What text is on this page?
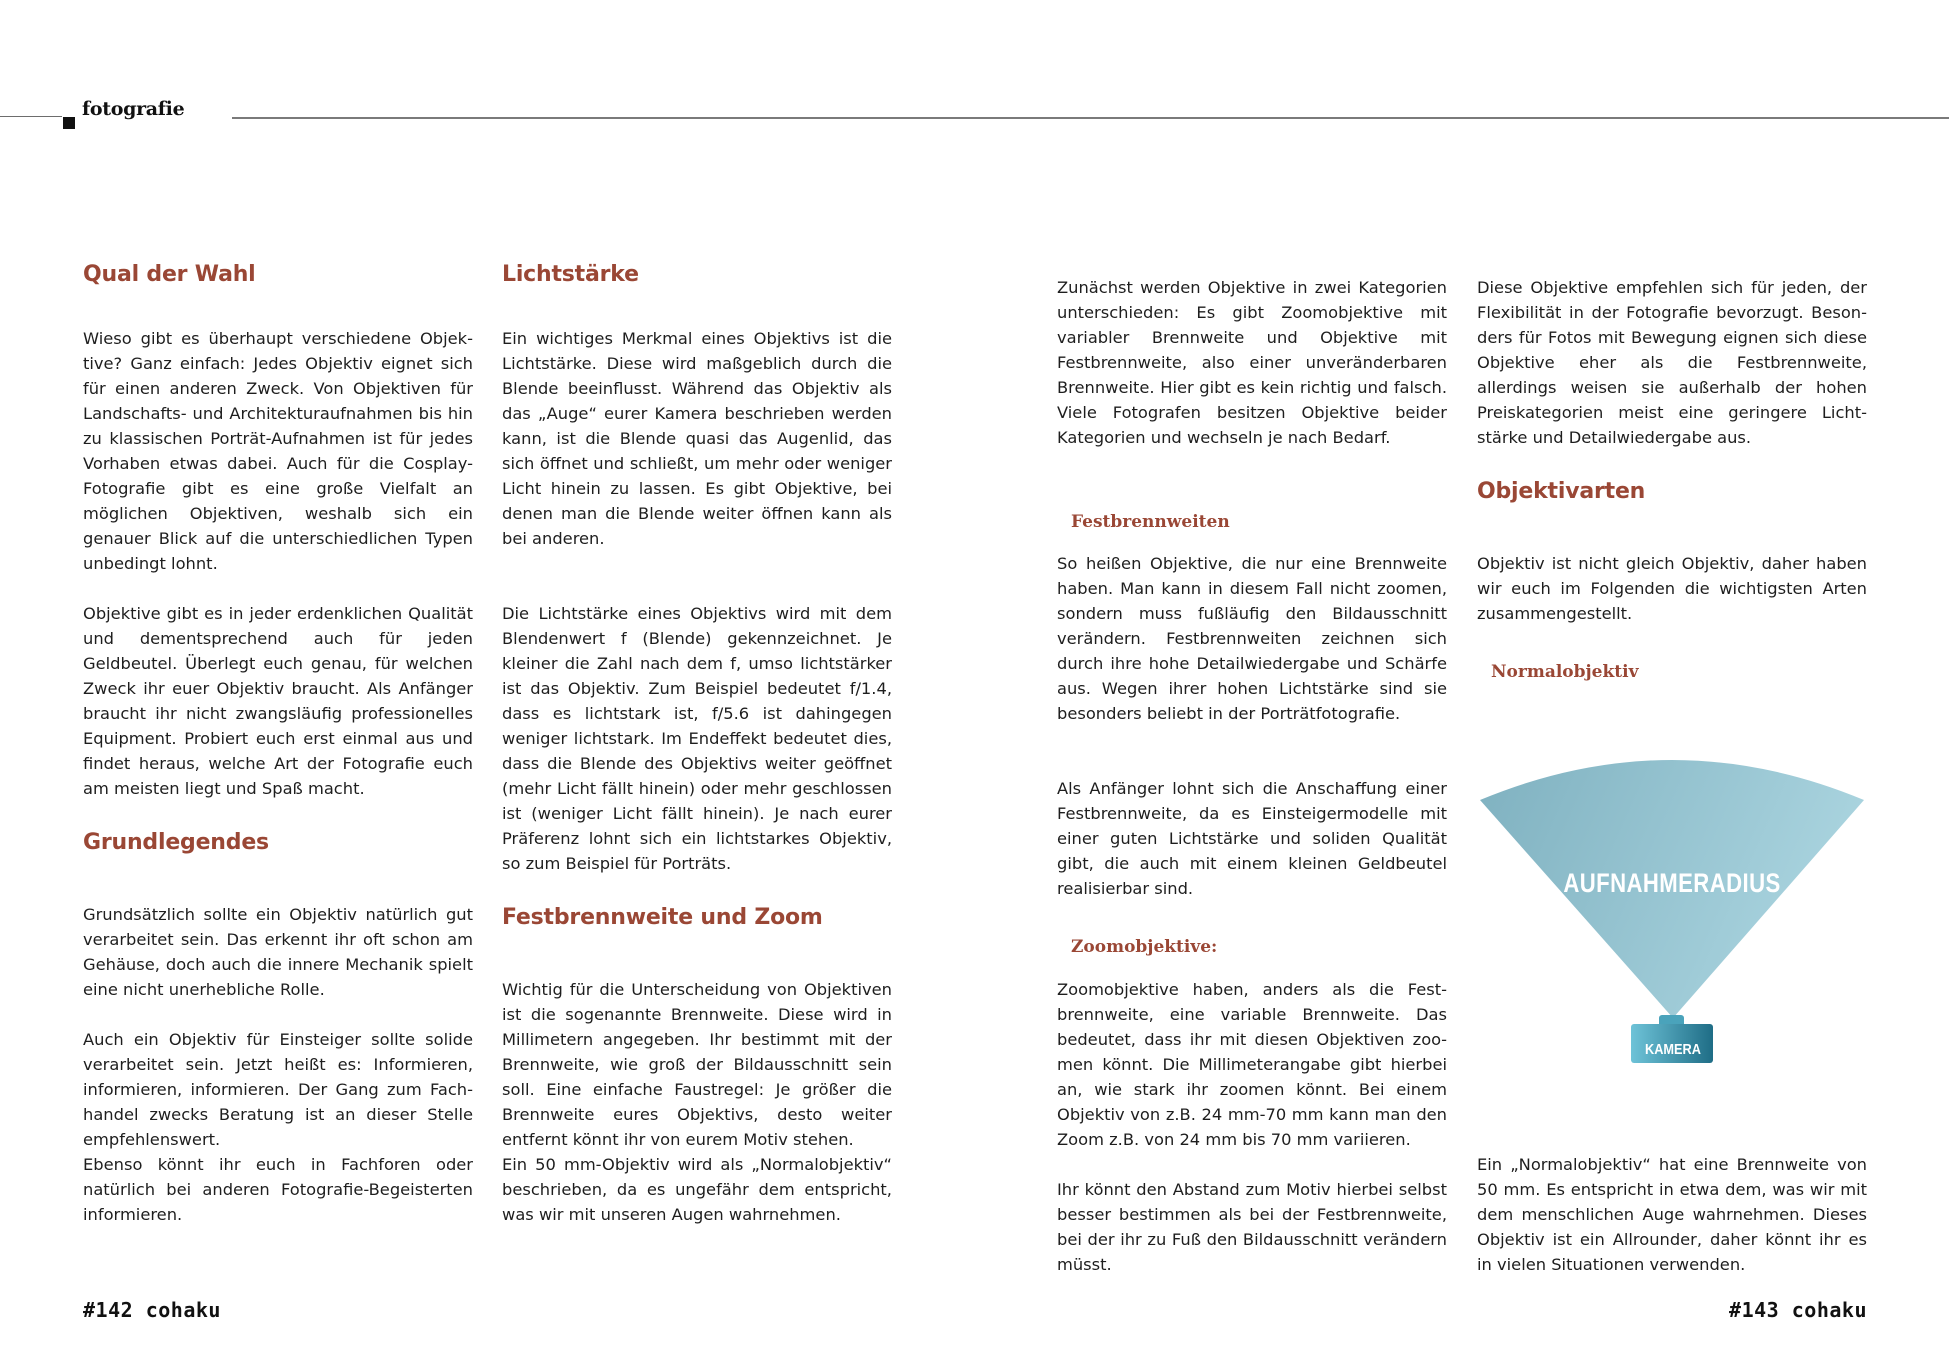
fotografie
Qual der Wahl
Wieso gibt es überhaupt verschiedene Objektive? Ganz einfach: Jedes Objektiv eignet sich für einen anderen Zweck. Von Objektiven für Landschafts- und Architekturaufnahmen bis hin zu klassischen Porträt-Aufnahmen ist für jedes Vorhaben etwas dabei. Auch für die Cosplay-Fotografie gibt es eine große Vielfalt an möglichen Objektiven, weshalb sich ein genauer Blick auf die unterschiedlichen Typen unbedingt lohnt.
Objektive gibt es in jeder erdenklichen Qualität und dementsprechend auch für jeden Geldbeutel. Überlegt euch genau, für welchen Zweck ihr euer Objektiv braucht. Als Anfänger braucht ihr nicht zwangsläufig professionelles Equipment. Probiert euch erst einmal aus und findet heraus, welche Art der Fotografie euch am meisten liegt und Spaß macht.
Grundlegendes
Grundsätzlich sollte ein Objektiv natürlich gut verarbeitet sein. Das erkennt ihr oft schon am Gehäuse, doch auch die innere Mechanik spielt eine nicht unerhebliche Rolle.
Auch ein Objektiv für Einsteiger sollte solide verarbeitet sein. Jetzt heißt es: Informieren, informieren, informieren. Der Gang zum Fachhandel zwecks Beratung ist an dieser Stelle empfehlenswert.
Ebenso könnt ihr euch in Fachforen oder natürlich bei anderen Fotografie-Begeisterten informieren.
Lichtstärke
Ein wichtiges Merkmal eines Objektivs ist die Lichtstärke. Diese wird maßgeblich durch die Blende beeinflusst. Während das Objektiv als das „Auge“ eurer Kamera beschrieben werden kann, ist die Blende quasi das Augenlid, das sich öffnet und schließt, um mehr oder weniger Licht hinein zu lassen. Es gibt Objektive, bei denen man die Blende weiter öffnen kann als bei anderen.
Die Lichtstärke eines Objektivs wird mit dem Blendenwert f (Blende) gekennzeichnet. Je kleiner die Zahl nach dem f, umso lichtstärker ist das Objektiv. Zum Beispiel bedeutet f/1.4, dass es lichtstark ist, f/5.6 ist dahingegen weniger lichtstark. Im Endeffekt bedeutet dies, dass die Blende des Objektivs weiter geöffnet (mehr Licht fällt hinein) oder mehr geschlossen ist (weniger Licht fällt hinein). Je nach eurer Präferenz lohnt sich ein lichtstarkes Objektiv, so zum Beispiel für Porträts.
Festbrennweite und Zoom
Wichtig für die Unterscheidung von Objektiven ist die sogenannte Brennweite. Diese wird in Millimetern angegeben. Ihr bestimmt mit der Brennweite, wie groß der Bildausschnitt sein soll. Eine einfache Faustregel: Je größer die Brennweite eures Objektivs, desto weiter entfernt könnt ihr von eurem Motiv stehen.
Ein 50 mm-Objektiv wird als „Normalobjektiv“ beschrieben, da es ungefähr dem entspricht, was wir mit unseren Augen wahrnehmen.
Zunächst werden Objektive in zwei Kategorien unterschieden: Es gibt Zoomobjektive mit variabler Brennweite und Objektive mit Festbrennweite, also einer unveränderbaren Brennweite. Hier gibt es kein richtig und falsch. Viele Fotografen besitzen Objektive beider Kategorien und wechseln je nach Bedarf.
Festbrennweiten
So heißen Objektive, die nur eine Brennweite haben. Man kann in diesem Fall nicht zoomen, sondern muss fußläufig den Bildausschnitt verändern. Festbrennweiten zeichnen sich durch ihre hohe Detailwiedergabe und Schärfe aus. Wegen ihrer hohen Lichtstärke sind sie besonders beliebt in der Porträtfotografie.
Als Anfänger lohnt sich die Anschaffung einer Festbrennweite, da es Einsteigermodelle mit einer guten Lichtstärke und soliden Qualität gibt, die auch mit einem kleinen Geldbeutel realisierbar sind.
Zoomobjektive:
Zoomobjektive haben, anders als die Festbrennweite, eine variable Brennweite. Das bedeutet, dass ihr mit diesen Objektiven zoomen könnt. Die Millimeterangabe gibt hierbei an, wie stark ihr zoomen könnt. Bei einem Objektiv von z.B. 24 mm-70 mm kann man den Zoom z.B. von 24 mm bis 70 mm variieren.
Ihr könnt den Abstand zum Motiv hierbei selbst besser bestimmen als bei der Festbrennweite, bei der ihr zu Fuß den Bildausschnitt verändern müsst.
Diese Objektive empfehlen sich für jeden, der Flexibilität in der Fotografie bevorzugt. Besonders für Fotos mit Bewegung eignen sich diese Objektive eher als die Festbrennweite, allerdings weisen sie außerhalb der hohen Preiskategorien meist eine geringere Lichtstärke und Detailwiedergabe aus.
Objektivarten
Objektiv ist nicht gleich Objektiv, daher haben wir euch im Folgenden die wichtigsten Arten zusammengestellt.
Normalobjektiv
Ein „Normalobjektiv“ hat eine Brennweite von 50 mm. Es entspricht in etwa dem, was wir mit dem menschlichen Auge wahrnehmen. Dieses Objektiv ist ein Allrounder, daher könnt ihr es in vielen Situationen verwenden.
AUFNAHMERADIUS
KAMERA
#142 cohaku	#143 cohaku
